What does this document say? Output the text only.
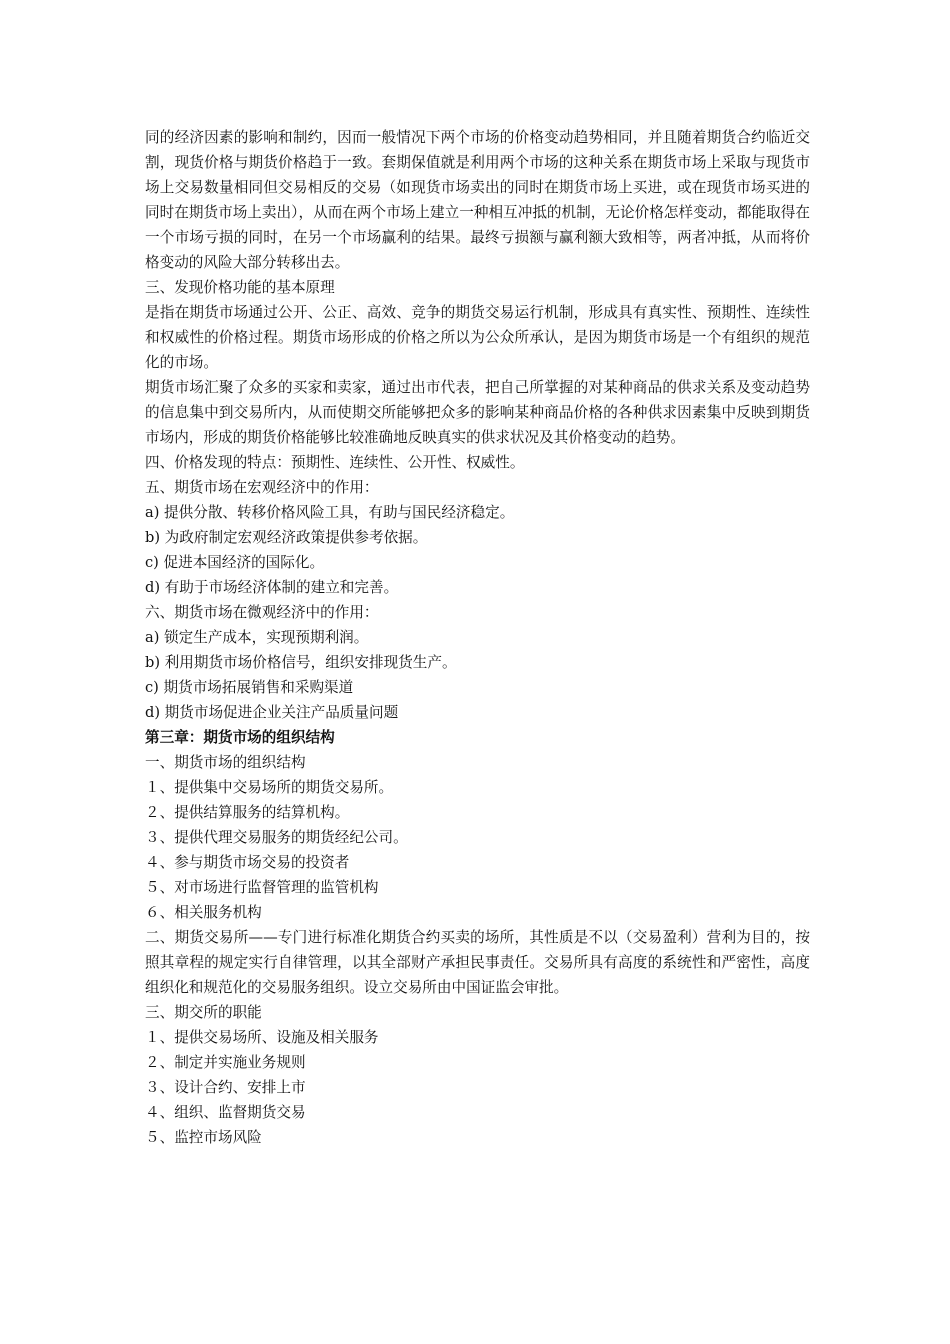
同的经济因素的影响和制约，因而一般情况下两个市场的价格变动趋势相同，并且随着期货合约临近交割，现货价格与期货价格趋于一致。套期保值就是利用两个市场的这种关系在期货市场上采取与现货市场上交易数量相同但交易相反的交易（如现货市场卖出的同时在期货市场上买进，或在现货市场买进的同时在期货市场上卖出），从而在两个市场上建立一种相互冲抵的机制，无论价格怎样变动，都能取得在一个市场亏损的同时，在另一个市场赢利的结果。最终亏损额与赢利额大致相等，两者冲抵，从而将价格变动的风险大部分转移出去。

三、发现价格功能的基本原理

是指在期货市场通过公开、公正、高效、竞争的期货交易运行机制，形成具有真实性、预期性、连续性和权威性的价格过程。期货市场形成的价格之所以为公众所承认，是因为期货市场是一个有组织的规范化的市场。

期货市场汇聚了众多的买家和卖家，通过出市代表，把自己所掌握的对某种商品的供求关系及变动趋势的信息集中到交易所内，从而使期交所能够把众多的影响某种商品价格的各种供求因素集中反映到期货市场内，形成的期货价格能够比较准确地反映真实的供求状况及其价格变动的趋势。

四、价格发现的特点：预期性、连续性、公开性、权威性。

五、期货市场在宏观经济中的作用：

a) 提供分散、转移价格风险工具，有助与国民经济稳定。

b) 为政府制定宏观经济政策提供参考依据。

c) 促进本国经济的国际化。

d) 有助于市场经济体制的建立和完善。

六、期货市场在微观经济中的作用：

a) 锁定生产成本，实现预期利润。

b) 利用期货市场价格信号，组织安排现货生产。

c) 期货市场拓展销售和采购渠道

d) 期货市场促进企业关注产品质量问题

第三章：期货市场的组织结构

一、期货市场的组织结构

１、提供集中交易场所的期货交易所。

２、提供结算服务的结算机构。

３、提供代理交易服务的期货经纪公司。

４、参与期货市场交易的投资者

５、对市场进行监督管理的监管机构

６、相关服务机构

二、期货交易所——专门进行标准化期货合约买卖的场所，其性质是不以（交易盈利）营利为目的，按照其章程的规定实行自律管理，以其全部财产承担民事责任。交易所具有高度的系统性和严密性，高度组织化和规范化的交易服务组织。设立交易所由中国证监会审批。

三、期交所的职能

１、提供交易场所、设施及相关服务

２、制定并实施业务规则

３、设计合约、安排上市

４、组织、监督期货交易

５、监控市场风险
